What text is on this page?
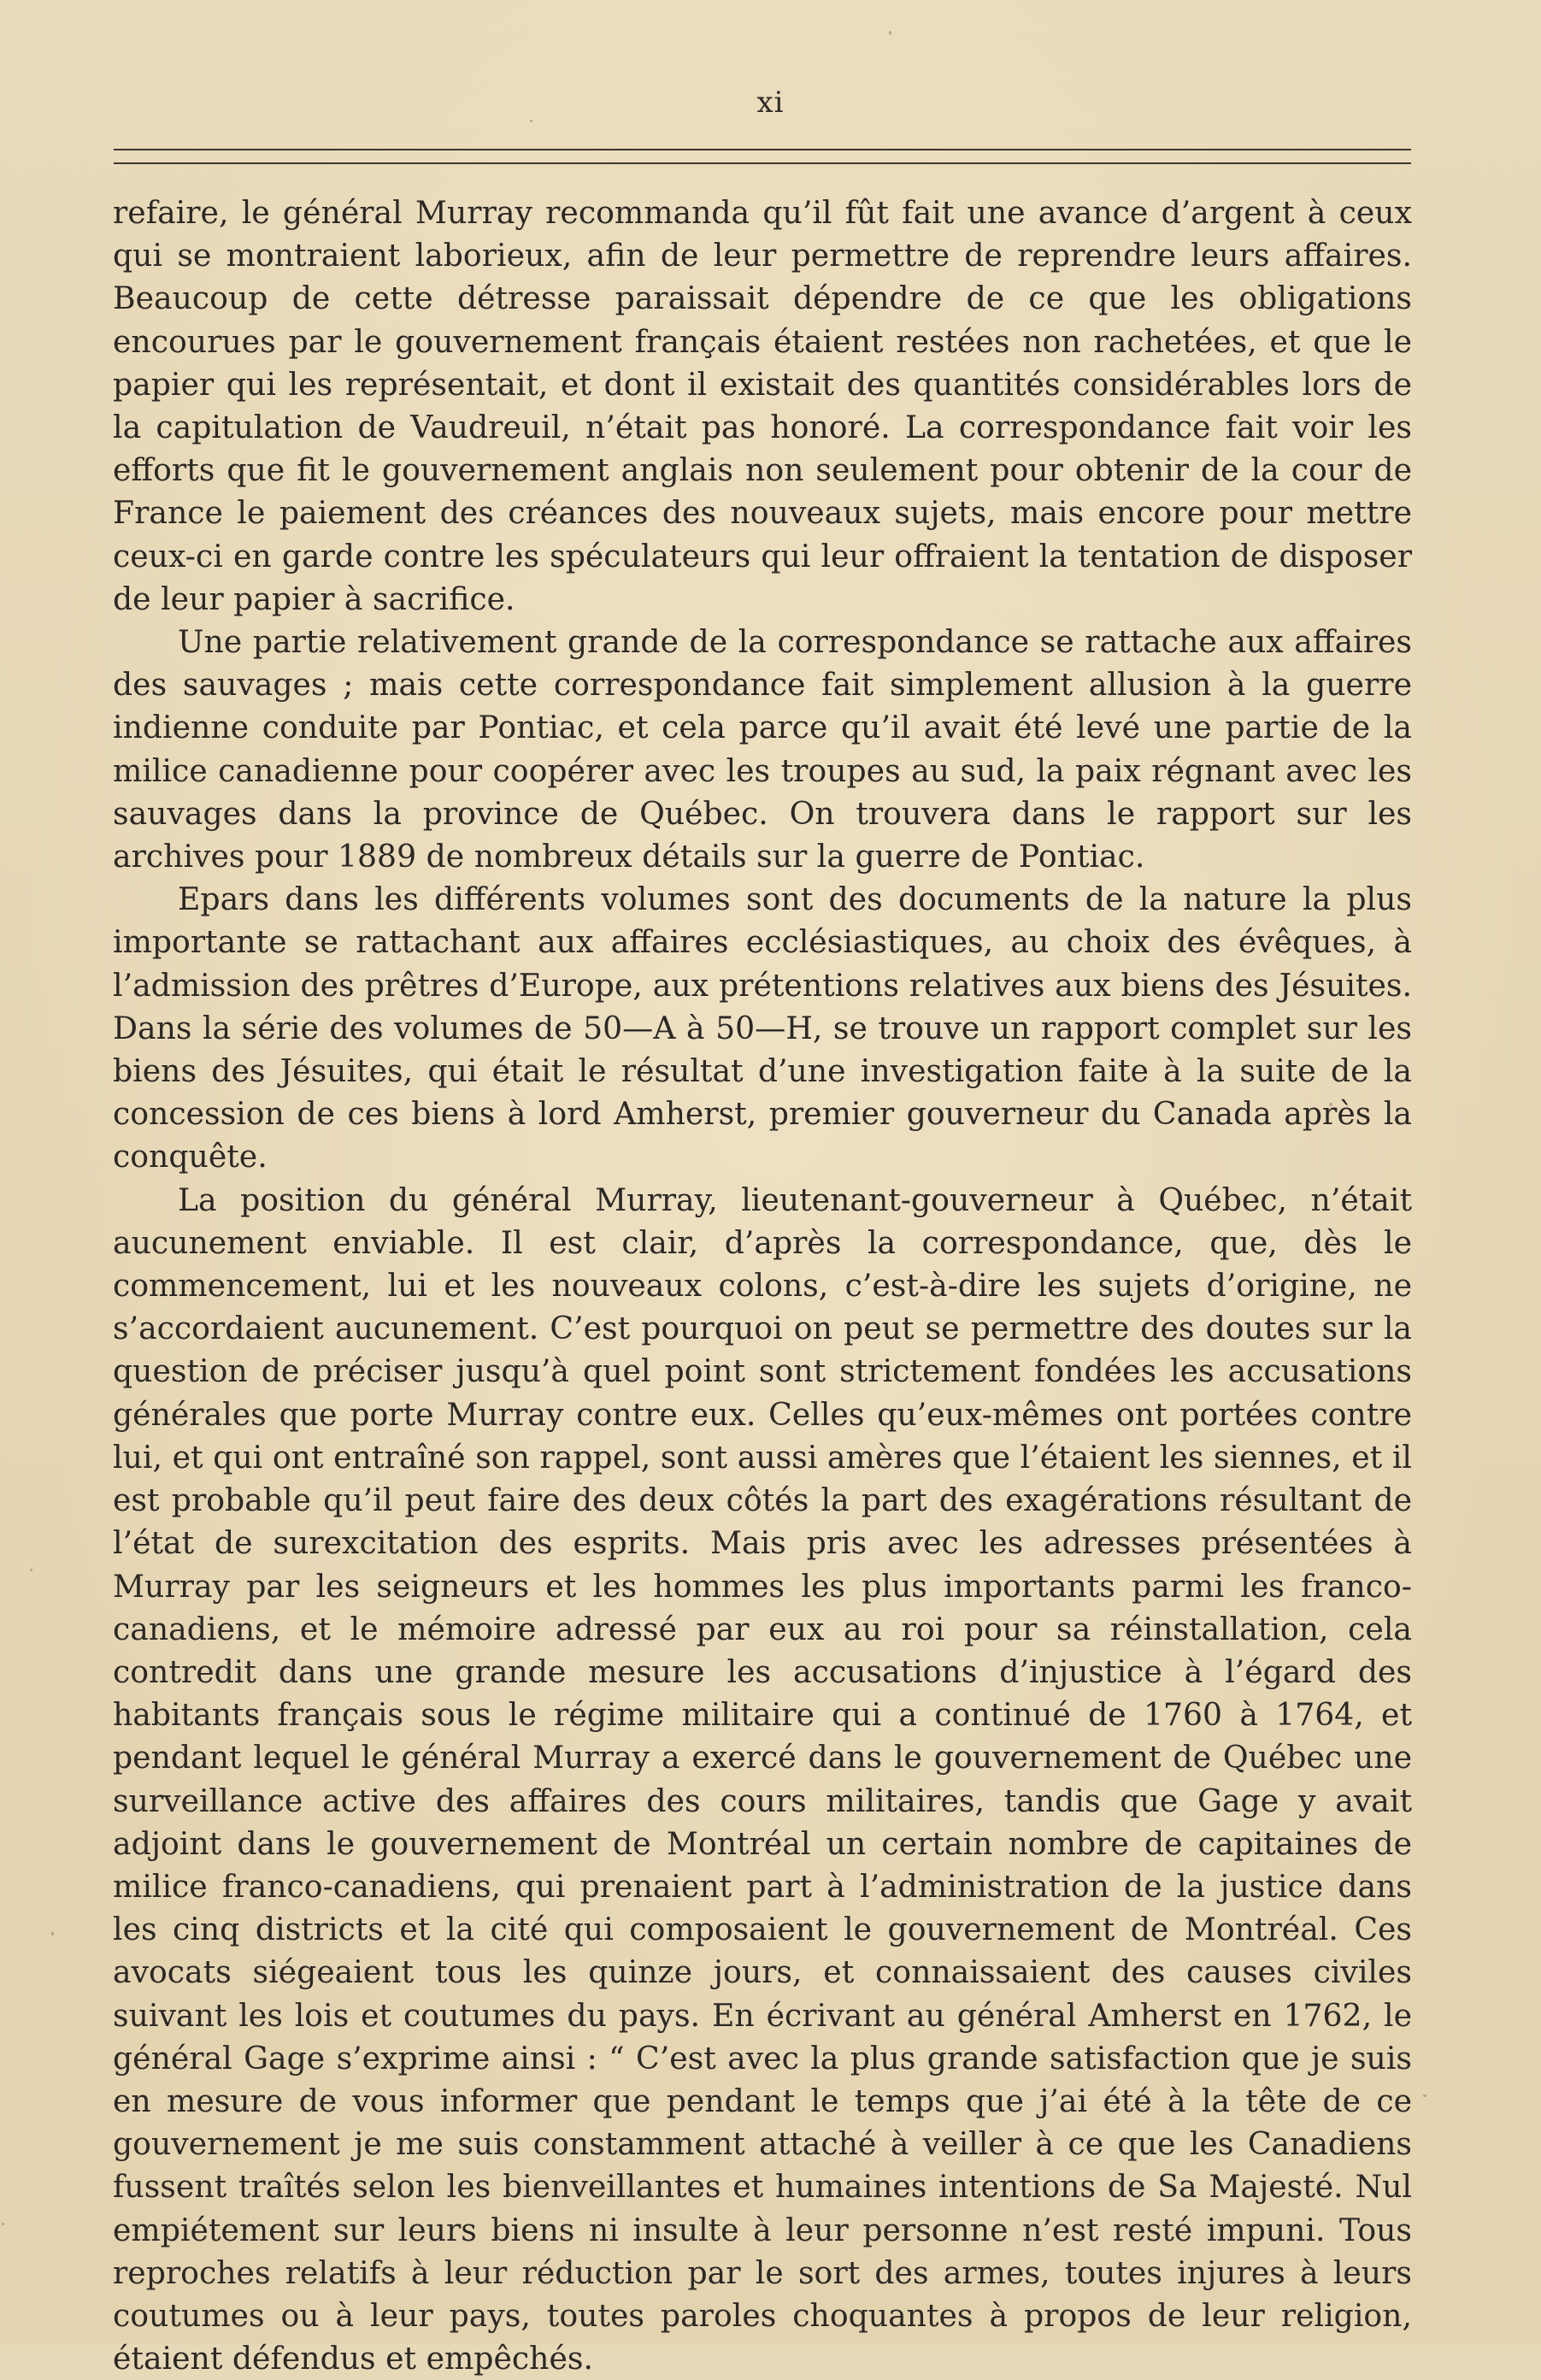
xi

refaire, le général Murray recommanda qu’il fût fait une avance d’argent à ceux qui se montraient laborieux, afin de leur permettre de reprendre leurs affaires. Beaucoup de cette détresse paraissait dépendre de ce que les obligations encourues par le gouvernement français étaient restées non rachetées, et que le papier qui les représentait, et dont il existait des quantités considérables lors de la capitulation de Vaudreuil, n’était pas honoré. La correspondance fait voir les efforts que fit le gouvernement anglais non seulement pour obtenir de la cour de France le paiement des créances des nouveaux sujets, mais encore pour mettre ceux-ci en garde contre les spéculateurs qui leur offraient la tentation de disposer de leur papier à sacrifice.

Une partie relativement grande de la correspondance se rattache aux affaires des sauvages ; mais cette correspondance fait simplement allusion à la guerre indienne conduite par Pontiac, et cela parce qu’il avait été levé une partie de la milice canadienne pour coopérer avec les troupes au sud, la paix régnant avec les sauvages dans la province de Québec. On trouvera dans le rapport sur les archives pour 1889 de nombreux détails sur la guerre de Pontiac.

Epars dans les différents volumes sont des documents de la nature la plus importante se rattachant aux affaires ecclésiastiques, au choix des évêques, à l’admission des prêtres d’Europe, aux prétentions relatives aux biens des Jésuites. Dans la série des volumes de 50—A à 50—H, se trouve un rapport complet sur les biens des Jésuites, qui était le résultat d’une investigation faite à la suite de la concession de ces biens à lord Amherst, premier gouverneur du Canada après la conquête.

La position du général Murray, lieutenant-gouverneur à Québec, n’était aucunement enviable. Il est clair, d’après la correspondance, que, dès le commencement, lui et les nouveaux colons, c’est-à-dire les sujets d’origine, ne s’accordaient aucunement. C’est pourquoi on peut se permettre des doutes sur la question de préciser jusqu’à quel point sont strictement fondées les accusations générales que porte Murray contre eux. Celles qu’eux-mêmes ont portées contre lui, et qui ont entraîné son rappel, sont aussi amères que l’étaient les siennes, et il est probable qu’il peut faire des deux côtés la part des exagérations résultant de l’état de surexcitation des esprits. Mais pris avec les adresses présentées à Murray par les seigneurs et les hommes les plus importants parmi les franco-canadiens, et le mémoire adressé par eux au roi pour sa réinstallation, cela contredit dans une grande mesure les accusations d’injustice à l’égard des habitants français sous le régime militaire qui a continué de 1760 à 1764, et pendant lequel le général Murray a exercé dans le gouvernement de Québec une surveillance active des affaires des cours militaires, tandis que Gage y avait adjoint dans le gouvernement de Montréal un certain nombre de capitaines de milice franco-canadiens, qui prenaient part à l’administration de la justice dans les cinq districts et la cité qui composaient le gouvernement de Montréal. Ces avocats siégeaient tous les quinze jours, et connaissaient des causes civiles suivant les lois et coutumes du pays. En écrivant au général Amherst en 1762, le général Gage s’exprime ainsi : “ C’est avec la plus grande satisfaction que je suis en mesure de vous informer que pendant le temps que j’ai été à la tête de ce gouvernement je me suis constamment attaché à veiller à ce que les Canadiens fussent traîtés selon les bienveillantes et humaines intentions de Sa Majesté. Nul empiétement sur leurs biens ni insulte à leur personne n’est resté impuni. Tous reproches relatifs à leur réduction par le sort des armes, toutes injures à leurs coutumes ou à leur pays, toutes paroles choquantes à propos de leur religion, étaient défendus et empêchés.
